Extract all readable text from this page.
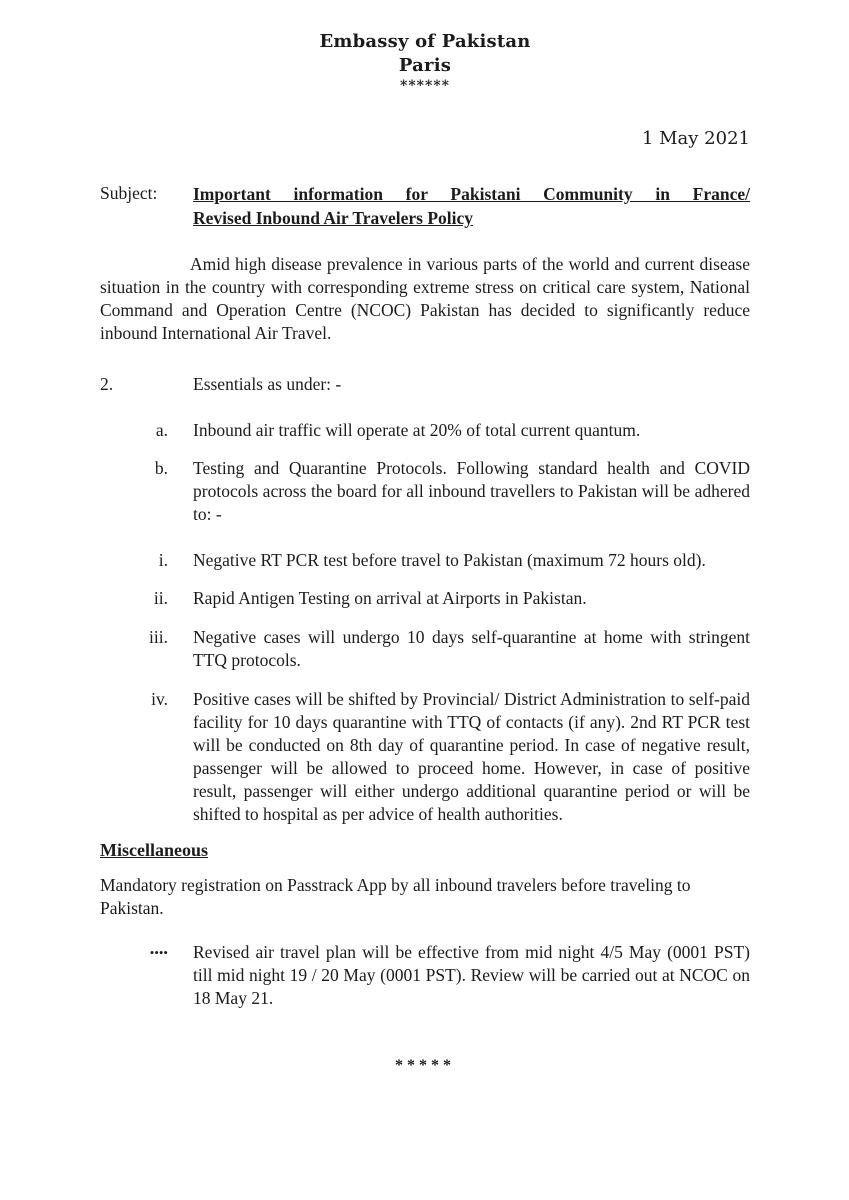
Embassy of Pakistan
Paris
******
1 May 2021
Subject:	Important information for Pakistani Community in France/
Revised Inbound Air Travelers Policy

Amid high disease prevalence in various parts of the world and current disease situation in the country with corresponding extreme stress on critical care system, National Command and Operation Centre (NCOC) Pakistan has decided to significantly reduce inbound International Air Travel.

2.	Essentials as under: -
a. Inbound air traffic will operate at 20% of total current quantum.
b. Testing and Quarantine Protocols. Following standard health and COVID protocols across the board for all inbound travellers to Pakistan will be adhered to: -
i. Negative RT PCR test before travel to Pakistan (maximum 72 hours old).
ii. Rapid Antigen Testing on arrival at Airports in Pakistan.
iii. Negative cases will undergo 10 days self-quarantine at home with stringent TTQ protocols.
iv. Positive cases will be shifted by Provincial/ District Administration to self-paid facility for 10 days quarantine with TTQ of contacts (if any). 2nd RT PCR test will be conducted on 8th day of quarantine period. In case of negative result, passenger will be allowed to proceed home. However, in case of positive result, passenger will either undergo additional quarantine period or will be shifted to hospital as per advice of health authorities.
Miscellaneous

Mandatory registration on Passtrack App by all inbound travelers before traveling to Pakistan.

•••• Revised air travel plan will be effective from mid night 4/5 May (0001 PST) till mid night 19 / 20 May (0001 PST). Review will be carried out at NCOC on 18 May 21.
*****
